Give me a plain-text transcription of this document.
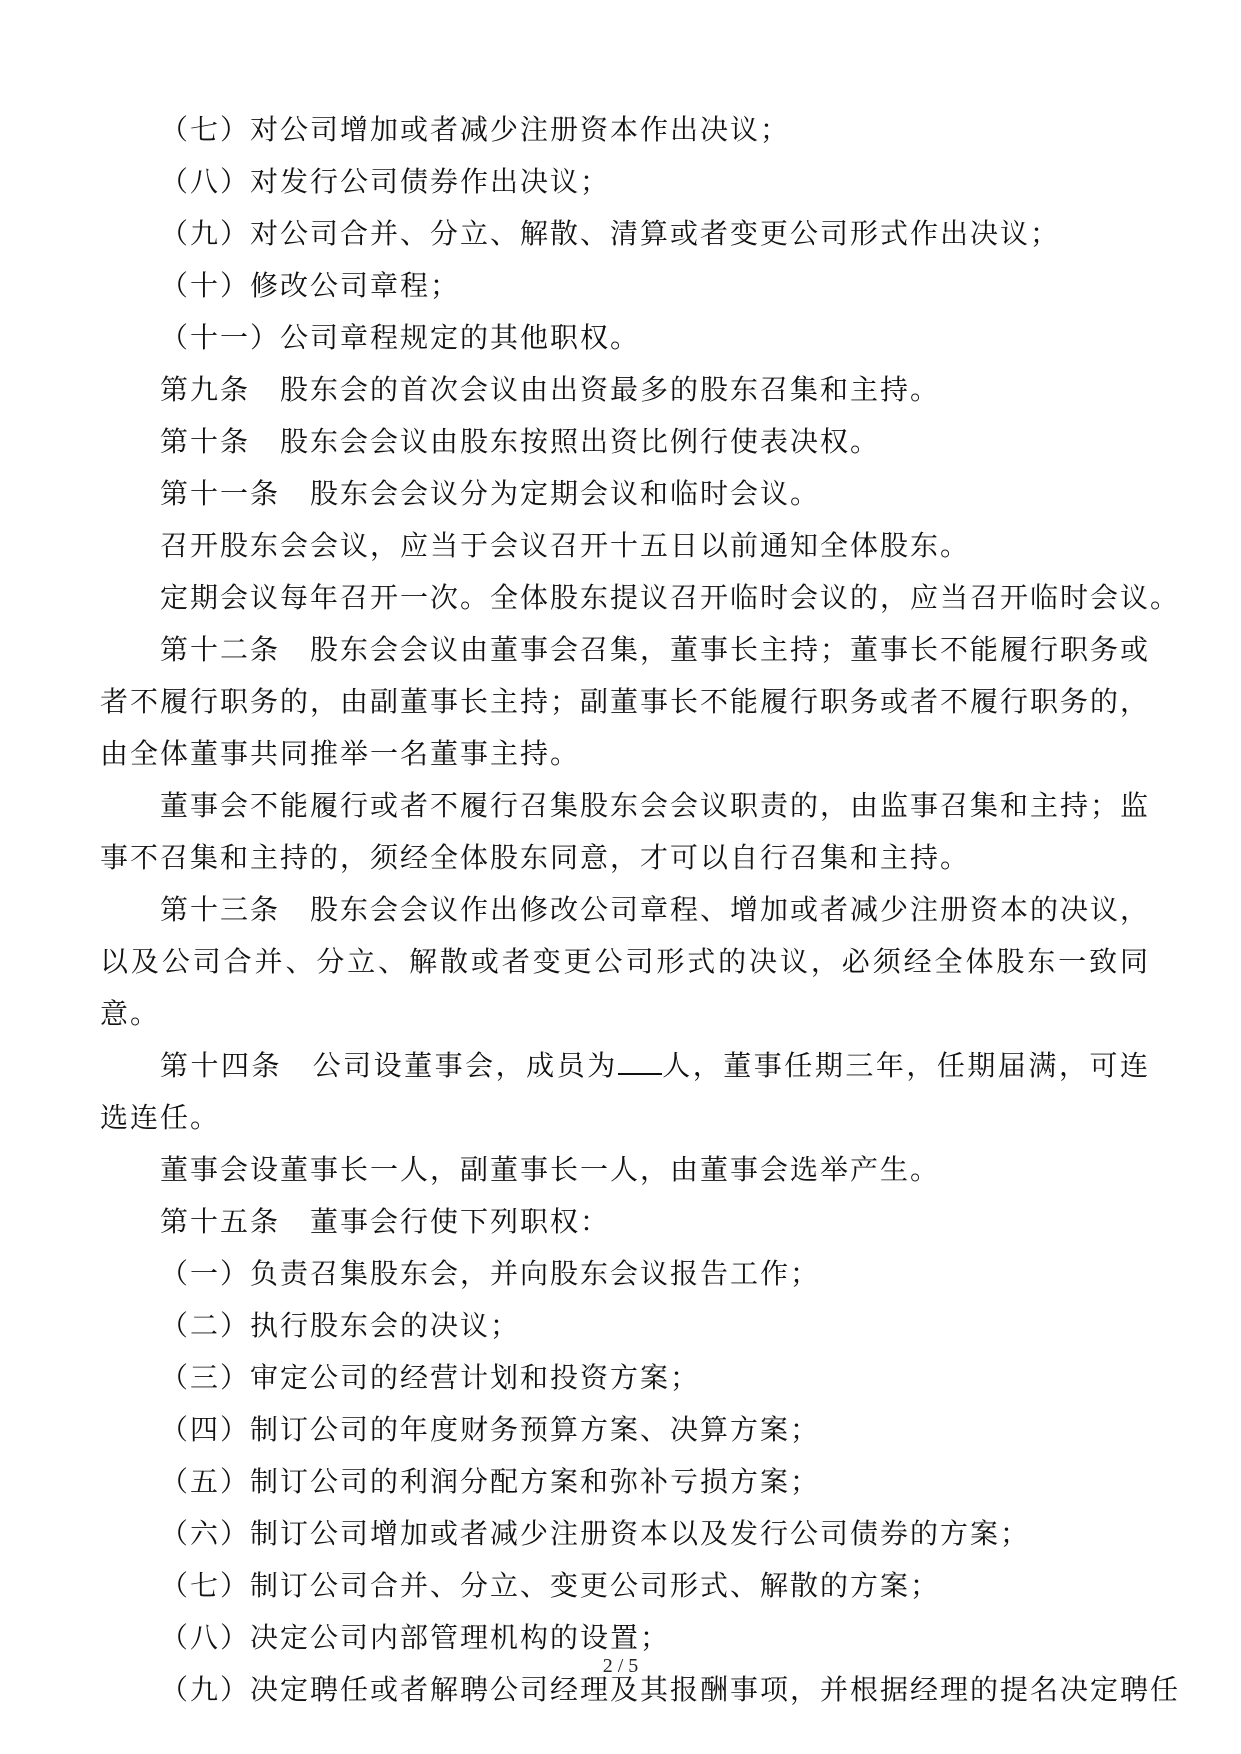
（七）对公司增加或者减少注册资本作出决议；
（八）对发行公司债券作出决议；
（九）对公司合并、分立、解散、清算或者变更公司形式作出决议；
（十）修改公司章程；
（十一）公司章程规定的其他职权。
第九条　股东会的首次会议由出资最多的股东召集和主持。
第十条　股东会会议由股东按照出资比例行使表决权。
第十一条　股东会会议分为定期会议和临时会议。
召开股东会会议，应当于会议召开十五日以前通知全体股东。
定期会议每年召开一次。全体股东提议召开临时会议的，应当召开临时会议。
第十二条　股东会会议由董事会召集，董事长主持；董事长不能履行职务或者不履行职务的，由副董事长主持；副董事长不能履行职务或者不履行职务的，由全体董事共同推举一名董事主持。
董事会不能履行或者不履行召集股东会会议职责的，由监事召集和主持；监事不召集和主持的，须经全体股东同意，才可以自行召集和主持。
第十三条　股东会会议作出修改公司章程、增加或者减少注册资本的决议，以及公司合并、分立、解散或者变更公司形式的决议，必须经全体股东一致同意。
第十四条　公司设董事会，成员为 人，董事任期三年，任期届满，可连选连任。
董事会设董事长一人，副董事长一人，由董事会选举产生。
第十五条　董事会行使下列职权：
（一）负责召集股东会，并向股东会议报告工作；
（二）执行股东会的决议；
（三）审定公司的经营计划和投资方案；
（四）制订公司的年度财务预算方案、决算方案；
（五）制订公司的利润分配方案和弥补亏损方案；
（六）制订公司增加或者减少注册资本以及发行公司债券的方案；
（七）制订公司合并、分立、变更公司形式、解散的方案；
（八）决定公司内部管理机构的设置；
（九）决定聘任或者解聘公司经理及其报酬事项，并根据经理的提名决定聘任
2 / 5
